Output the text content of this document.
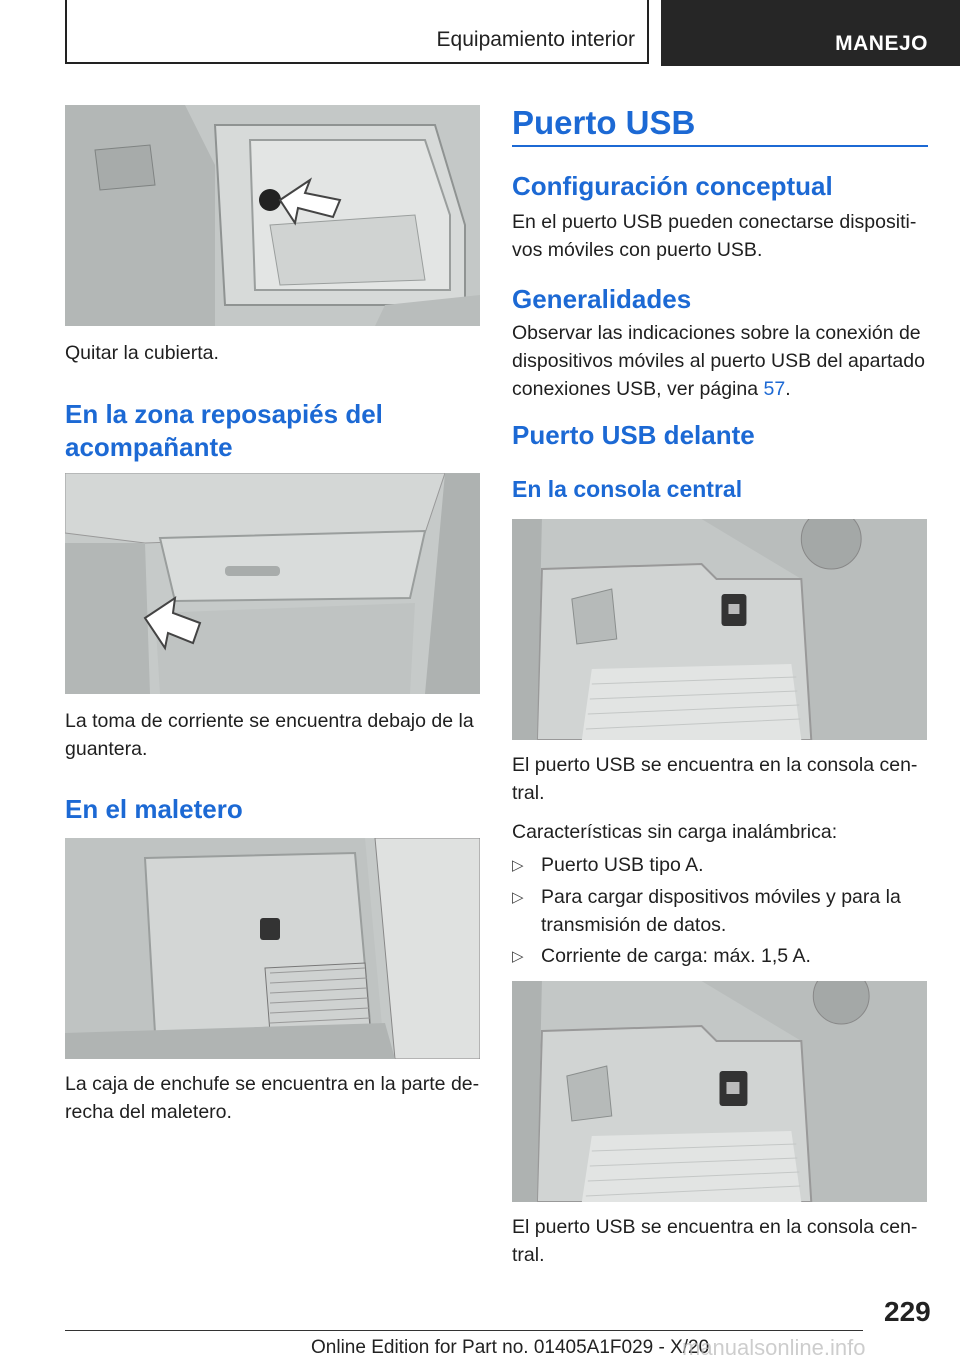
Equipamiento interior	MANEJO
Quitar la cubierta.
En la zona reposapiés del acompañante
La toma de corriente se encuentra debajo de la guantera.
En el maletero
La caja de enchufe se encuentra en la parte de-recha del maletero.
Puerto USB
Configuración conceptual
En el puerto USB pueden conectarse dispositi-vos móviles con puerto USB.
Generalidades
Observar las indicaciones sobre la conexión de dispositivos móviles al puerto USB del apartado conexiones USB, ver página 57.
Puerto USB delante
En la consola central
El puerto USB se encuentra en la consola cen-tral.
Características sin carga inalámbrica:
▷ Puerto USB tipo A.
▷ Para cargar dispositivos móviles y para la transmisión de datos.
▷ Corriente de carga: máx. 1,5 A.
El puerto USB se encuentra en la consola cen-tral.
229
Online Edition for Part no. 01405A1F029 - X/20
manualsonline.info
